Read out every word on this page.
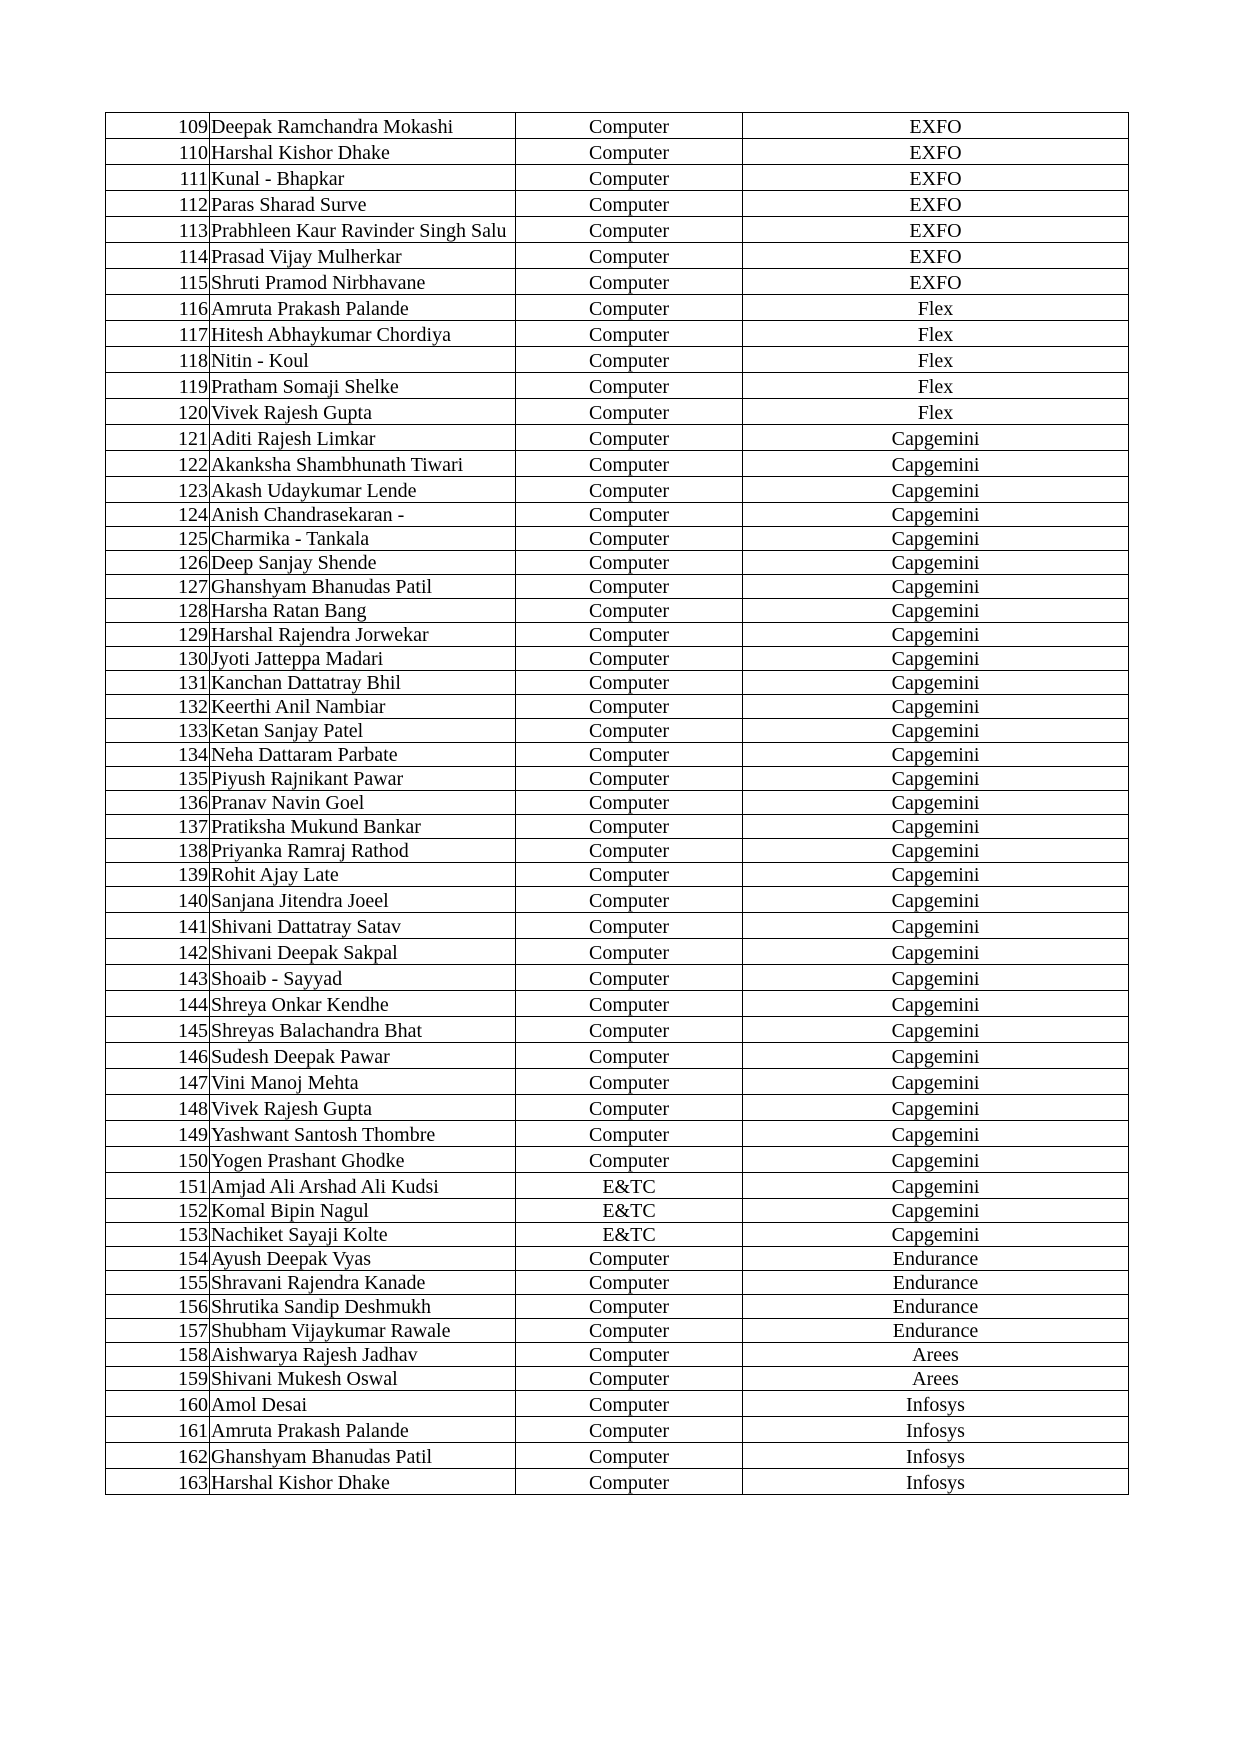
109	Deepak Ramchandra Mokashi	Computer	EXFO
110	Harshal Kishor Dhake	Computer	EXFO
111	Kunal - Bhapkar	Computer	EXFO
112	Paras Sharad Surve	Computer	EXFO
113	Prabhleen Kaur Ravinder Singh Salu	Computer	EXFO
114	Prasad Vijay Mulherkar	Computer	EXFO
115	Shruti Pramod Nirbhavane	Computer	EXFO
116	Amruta Prakash Palande	Computer	Flex
117	Hitesh Abhaykumar Chordiya	Computer	Flex
118	Nitin - Koul	Computer	Flex
119	Pratham Somaji Shelke	Computer	Flex
120	Vivek Rajesh Gupta	Computer	Flex
121	Aditi Rajesh Limkar	Computer	Capgemini
122	Akanksha Shambhunath Tiwari	Computer	Capgemini
123	Akash Udaykumar Lende	Computer	Capgemini
124	Anish Chandrasekaran -	Computer	Capgemini
125	Charmika - Tankala	Computer	Capgemini
126	Deep Sanjay Shende	Computer	Capgemini
127	Ghanshyam Bhanudas Patil	Computer	Capgemini
128	Harsha Ratan Bang	Computer	Capgemini
129	Harshal Rajendra Jorwekar	Computer	Capgemini
130	Jyoti Jatteppa Madari	Computer	Capgemini
131	Kanchan Dattatray Bhil	Computer	Capgemini
132	Keerthi Anil Nambiar	Computer	Capgemini
133	Ketan Sanjay Patel	Computer	Capgemini
134	Neha Dattaram Parbate	Computer	Capgemini
135	Piyush Rajnikant Pawar	Computer	Capgemini
136	Pranav Navin Goel	Computer	Capgemini
137	Pratiksha Mukund Bankar	Computer	Capgemini
138	Priyanka Ramraj Rathod	Computer	Capgemini
139	Rohit Ajay Late	Computer	Capgemini
140	Sanjana Jitendra Joeel	Computer	Capgemini
141	Shivani Dattatray Satav	Computer	Capgemini
142	Shivani Deepak Sakpal	Computer	Capgemini
143	Shoaib - Sayyad	Computer	Capgemini
144	Shreya Onkar Kendhe	Computer	Capgemini
145	Shreyas Balachandra Bhat	Computer	Capgemini
146	Sudesh Deepak Pawar	Computer	Capgemini
147	Vini Manoj Mehta	Computer	Capgemini
148	Vivek Rajesh Gupta	Computer	Capgemini
149	Yashwant Santosh Thombre	Computer	Capgemini
150	Yogen Prashant Ghodke	Computer	Capgemini
151	Amjad Ali Arshad Ali Kudsi	E&TC	Capgemini
152	Komal Bipin Nagul	E&TC	Capgemini
153	Nachiket Sayaji Kolte	E&TC	Capgemini
154	Ayush Deepak Vyas	Computer	Endurance
155	Shravani Rajendra Kanade	Computer	Endurance
156	Shrutika Sandip Deshmukh	Computer	Endurance
157	Shubham Vijaykumar Rawale	Computer	Endurance
158	Aishwarya Rajesh Jadhav	Computer	Arees
159	Shivani Mukesh Oswal	Computer	Arees
160	Amol Desai	Computer	Infosys
161	Amruta Prakash Palande	Computer	Infosys
162	Ghanshyam Bhanudas Patil	Computer	Infosys
163	Harshal Kishor Dhake	Computer	Infosys
